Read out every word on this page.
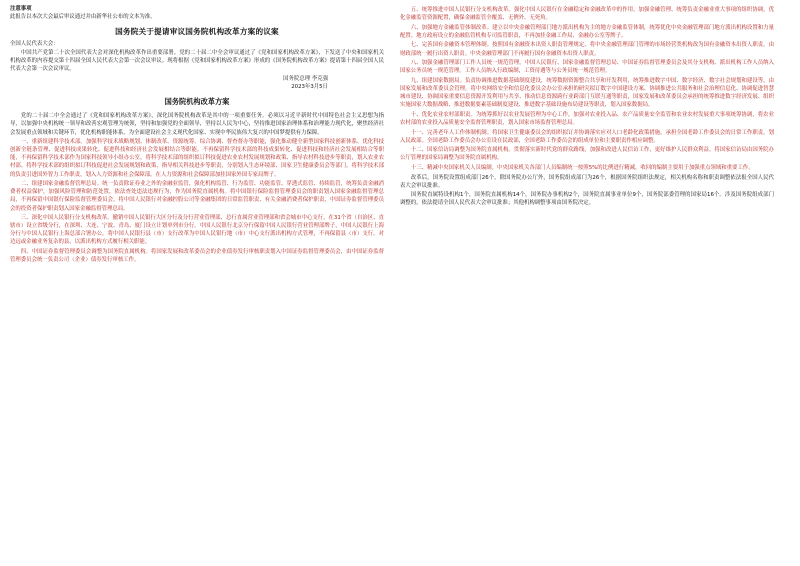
注意事项
此报告以本次大会最后审议通过并由新华社公布的文本为准。
国务院关于提请审议国务院机构改革方案的议案

全国人民代表大会：

中国共产党第二十次全国代表大会对深化机构改革作出重要部署。党的二十届二中全会审议通过了《党和国家机构改革方案》，下发送了中央和国家机关机构改革的内容提交第十四届全国人民代表大会第一次会议审议。现将根据《党和国家机构改革方案》形成的《国务院机构改革方案》提请第十四届全国人民代表大会第一次会议审议。

国务院总理 李克强

2023年3月5日

国务院机构改革方案

党的二十届二中全会通过了《党和国家机构改革方案》，深化国务院机构改革是其中的一项重要任务。必须以习近平新时代中国特色社会主义思想为指导，以加强中央机构统一领导和改善宏观管理为统领，坚持和加强党的全面领导，坚持以人民为中心，坚持推进国家治理体系和治理能力现代化，聚焦经济社会发展重点领域和关键环节，优化机构职能体系，为全面建设社会主义现代化国家、实现中华民族伟大复兴的中国梦提供有力保障。

一、重新组建科学技术部。加强科学技术战略规划、体制改革、资源统筹、综合协调、督查督办等职能，强化推动健全新型国家科技创新体系、优化科技创新全链条管理、促进科技成果转化、促进科技和经济社会发展相结合等职能。不再保留科学技术部的科技成果转化、促进科技和经济社会发展相结合等职能，不再保留科学技术部作为国家科技领导小组办公室，将科学技术部的组织拟订科技促进农业农村发展规划和政策、指导农村科技进步等职责，划入农业农村部。将科学技术部的组织拟订科技促进社会发展规划和政策、指导相关科技进步等职责，分别划入生态环境部、国家卫生健康委员会等部门。将科学技术部的负责引进国外智力工作职责，划入人力资源和社会保障部。在人力资源和社会保障部加挂国家外国专家局牌子。

二、组建国家金融监督管理总局。统一负责除证券业之外的金融业监管，强化机构监管、行为监管、功能监管、穿透式监管、持续监管，统筹负责金融消费者权益保护，加强风险管理和防范处置，依法查处违法违规行为，作为国务院直属机构。将中国银行保险监督管理委员会的职责划入国家金融监督管理总局，不再保留中国银行保险监督管理委员会。将中国人民银行对金融控股公司等金融集团的日常监管职责、有关金融消费者保护职责，中国证券监督管理委员会的投资者保护职责划入国家金融监督管理总局。

三、深化中国人民银行分支机构改革。撤销中国人民银行大区分行及分行营业管理部、总行直属营业管理部和省会城市中心支行，在31个省（自治区、直辖市）设立省级分行，在深圳、大连、宁波、青岛、厦门设立计划单列市分行。中国人民银行北京分行保留中国人民银行营业管理部牌子，中国人民银行上海分行与中国人民银行上海总部合署办公。将中国人民银行县（市）支行改革为中国人民银行地（市）中心支行派出机构方式管理，不再保留县（市）支行。对边远或金融业务复杂的县，以派出机构方式履行相关职能。

四、中国证券监督管理委员会调整为国务院直属机构。将国家发展和改革委员会的企业债券发行审核职责划入中国证券监督管理委员会，由中国证券监督管理委员会统一负责公司（企业）债券发行审核工作。

五、统筹推进中国人民银行分支机构改革。强化中国人民银行在金融稳定和金融改革中的作用，加强金融管理、统筹负责金融业重大事项的组织协调，优化金融监管资源配置，确保金融监管全覆盖、无例外、无死角。

六、加强地方金融监管体制改革。建立以中央金融管理部门地方派出机构为主的地方金融监管体制，统筹优化中央金融管理部门地方派出机构设置和力量配置。地方政府设立的金融监管机构专司监管职责，不再加挂金融工作局、金融办公室等牌子。

七、完善国有金融资本管理体制。按照国有金融资本出资人职责管理规定，将中央金融管理部门管理的市场经营类机构改为国有金融资本出资人职责，由财政部统一履行出资人职责。中央金融管理部门不再履行国有金融资本出资人职责。

八、加强金融管理部门工作人员统一规范管理。中国人民银行、国家金融监督管理总局、中国证券监督管理委员会及其分支机构、派出机构工作人员纳入国家公务员统一规范管理。工作人员纳入行政编制，工资待遇等与公务员统一规范管理。

九、组建国家数据局。负责协调推进数据基础制度建设，统筹数据资源整合共享和开发利用，统筹推进数字中国、数字经济、数字社会规划和建设等，由国家发展和改革委员会管理。将中央网络安全和信息化委员会办公室承担的研究拟订数字中国建设方案、协调推进公共服务和社会治理信息化、协调促进智慧城市建设、协调国家重要信息资源开发利用与共享、推动信息资源跨行业跨部门互联互通等职责，国家发展和改革委员会承担的统筹推进数字经济发展、组织实施国家大数据战略、推进数据要素基础制度建设、推进数字基础设施布局建设等职责，划入国家数据局。

十、优化农业农村部职责。为统筹抓好以农业发展管理为中心工作，加强对农业投入品、农产品质量安全监管和农业农村发展重大事项统筹协调，将农业农村部的农业投入品质量安全监督管理职责，划入国家市场监督管理总局。

十一、完善老年人工作体制机制。将国家卫生健康委员会的组织拟订并协调落实应对人口老龄化政策措施，承担全国老龄工作委员会的日常工作职责，划入民政部。全国老龄工作委员会办公室设在民政部，全国老龄工作委员会的组成单位和主要职责作相应调整。

十二、国家信访局调整为国务院直属机构。贯彻落实新时代党的群众路线，加强和改进人民信访工作，更好维护人民群众利益。将国家信访局由国务院办公厅管理的国家局调整为国务院直属机构。

十三、精减中央国家机关人员编制。中央国家机关各部门人员编制统一按照5%的比例进行精减，收回的编制主要用于加强重点领域和重要工作。

改革后，国务院设置组成部门26个，除国务院办公厅外，国务院组成部门为26个，根据国务院组织法规定，相关机构名称和职责调整依法报全国人民代表大会审议批准。

国务院直属特设机构1个，国务院直属机构14个，国务院办事机构2个，国务院直属事业单位9个，国务院部委管理的国家局16个。涉及国务院组成部门调整的，依法提请全国人民代表大会审议批准；其他机构调整事项由国务院决定。
